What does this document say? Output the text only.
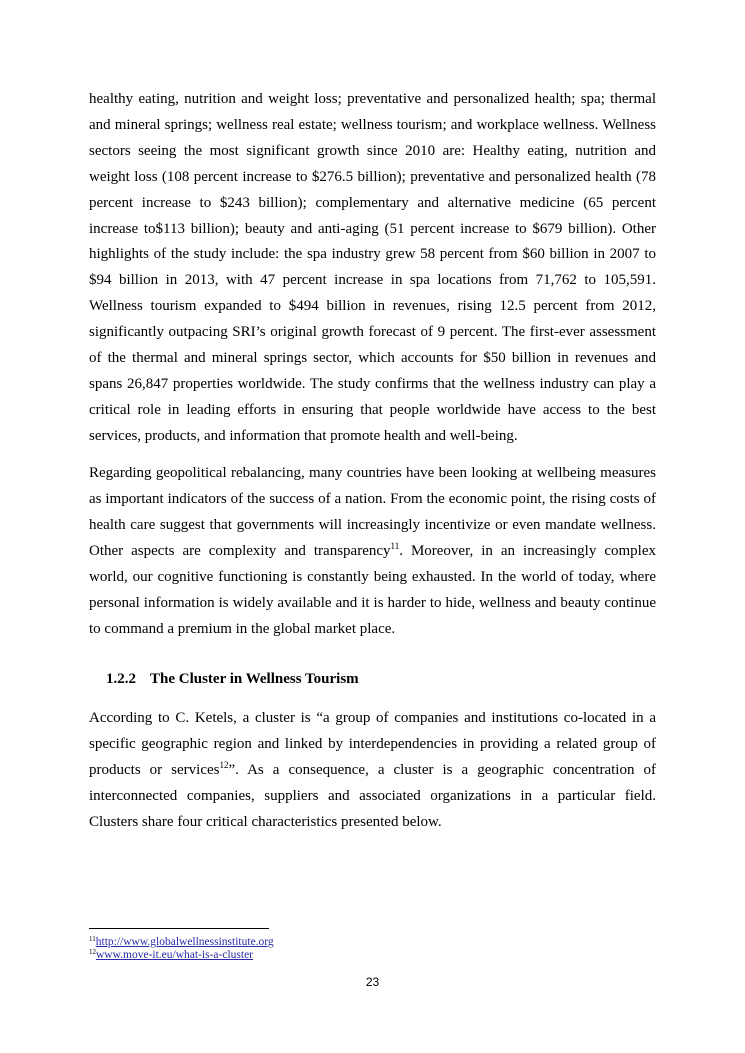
healthy eating, nutrition and weight loss; preventative and personalized health; spa; thermal
and mineral springs; wellness real estate; wellness tourism; and workplace wellness. Wellness
sectors seeing the most significant growth since 2010 are: Healthy eating, nutrition and
weight loss (108 percent increase to $276.5 billion); preventative and personalized health (78
percent increase to $243 billion); complementary and alternative medicine (65 percent
increase to$113 billion); beauty and anti-aging (51 percent increase to $679 billion). Other
highlights of the study include: the spa industry grew 58 percent from $60 billion in 2007 to
$94 billion in 2013, with 47 percent increase in spa locations from 71,762 to 105,591.
Wellness tourism expanded to $494 billion in revenues, rising 12.5 percent from 2012,
significantly outpacing SRI’s original growth forecast of 9 percent. The first-ever assessment
of the thermal and mineral springs sector, which accounts for $50 billion in revenues and
spans 26,847 properties worldwide. The study confirms that the wellness industry can play a
critical role in leading efforts in ensuring that people worldwide have access to the best
services, products, and information that promote health and well-being.
Regarding geopolitical rebalancing, many countries have been looking at wellbeing measures
as important indicators of the success of a nation. From the economic point, the rising costs of
health care suggest that governments will increasingly incentivize or even mandate wellness.
Other aspects are complexity and transparency$^{11}$. Moreover, in an increasingly complex
world, our cognitive functioning is constantly being exhausted. In the world of today, where
personal information is widely available and it is harder to hide, wellness and beauty continue
to command a premium in the global market place.
1.2.2 The Cluster in Wellness Tourism
According to C. Ketels, a cluster is “a group of companies and institutions co-located in a
specific geographic region and linked by interdependencies in providing a related group of
products or services$^{12}$”. As a consequence, a cluster is a geographic concentration of
interconnected companies, suppliers and associated organizations in a particular field.
Clusters share four critical characteristics presented below.
$^{11}$http://www.globalwellnessinstitute.org
$^{12}$www.move-it.eu/what-is-a-cluster
23
